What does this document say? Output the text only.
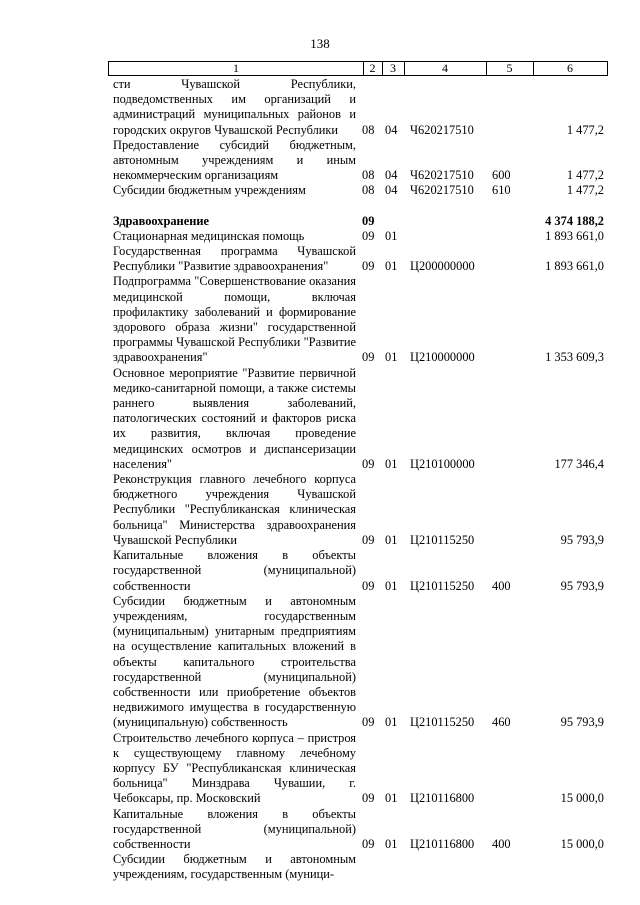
138
1	2	3	4	5	6
сти Чувашской Республики, подведомственных им организаций и администраций муниципальных районов и городских округов Чувашской Республики	08 04 Ч620217510	1 477,2
Предоставление субсидий бюджетным, автономным учреждениям и иным некоммерческим организациям	08 04 Ч620217510 600	1 477,2
Субсидии бюджетным учреждениям	08 04 Ч620217510 610	1 477,2
Здравоохранение	09	4 374 188,2
Стационарная медицинская помощь	09 01	1 893 661,0
Государственная программа Чувашской Республики "Развитие здравоохранения"	09 01 Ц200000000	1 893 661,0
Подпрограмма "Совершенствование оказания медицинской помощи, включая профилактику заболеваний и формирование здорового образа жизни" государственной программы Чувашской Республики "Развитие здравоохранения"	09 01 Ц210000000	1 353 609,3
Основное мероприятие "Развитие первичной медико-санитарной помощи, а также системы раннего выявления заболеваний, патологических состояний и факторов риска их развития, включая проведение медицинских осмотров и диспансеризации населения"	09 01 Ц210100000	177 346,4
Реконструкция главного лечебного корпуса бюджетного учреждения Чувашской Республики "Республиканская клиническая больница" Министерства здравоохранения Чувашской Республики	09 01 Ц210115250	95 793,9
Капитальные вложения в объекты государственной (муниципальной) собственности	09 01 Ц210115250 400	95 793,9
Субсидии бюджетным и автономным учреждениям, государственным (муниципальным) унитарным предприятиям на осуществление капитальных вложений в объекты капитального строительства государственной (муниципальной) собственности или приобретение объектов недвижимого имущества в государственную (муниципальную) собственность	09 01 Ц210115250 460	95 793,9
Строительство лечебного корпуса – пристроя к существующему главному лечебному корпусу БУ "Республиканская клиническая больница" Минздрава Чувашии, г. Чебоксары, пр. Московский	09 01 Ц210116800	15 000,0
Капитальные вложения в объекты государственной (муниципальной) собственности	09 01 Ц210116800 400	15 000,0
Субсидии бюджетным и автономным учреждениям, государственным (муници-
